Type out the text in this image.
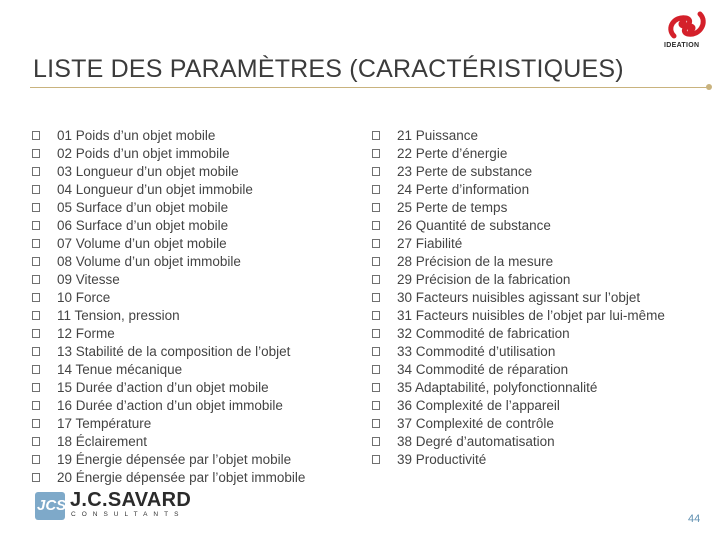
LISTE DES PARAMÈTRES (CARACTÉRISTIQUES)
IDEATION
01 Poids d’un objet mobile
02 Poids d’un objet immobile
03 Longueur d’un objet mobile
04 Longueur d’un objet immobile
05 Surface d’un objet mobile
06 Surface d’un objet mobile
07 Volume d’un objet mobile
08 Volume d’un objet immobile
09 Vitesse
10 Force
11 Tension, pression
12 Forme
13 Stabilité de la composition de l’objet
14 Tenue mécanique
15 Durée d’action d’un objet mobile
16 Durée d’action d’un objet immobile
17 Température
18 Éclairement
19 Énergie dépensée par l’objet mobile
20 Énergie dépensée par l’objet immobile
21 Puissance
22 Perte d’énergie
23 Perte de substance
24 Perte d’information
25 Perte de temps
26 Quantité de substance
27 Fiabilité
28 Précision de la mesure
29 Précision de la fabrication
30 Facteurs nuisibles agissant sur l’objet
31 Facteurs nuisibles de l’objet par lui-même
32 Commodité de fabrication
33 Commodité d’utilisation
34 Commodité de réparation
35 Adaptabilité, polyfonctionnalité
36 Complexité de l’appareil
37 Complexité de contrôle
38 Degré d’automatisation
39 Productivité
JCS J.C.SAVARD
CONSULTANTS	44
